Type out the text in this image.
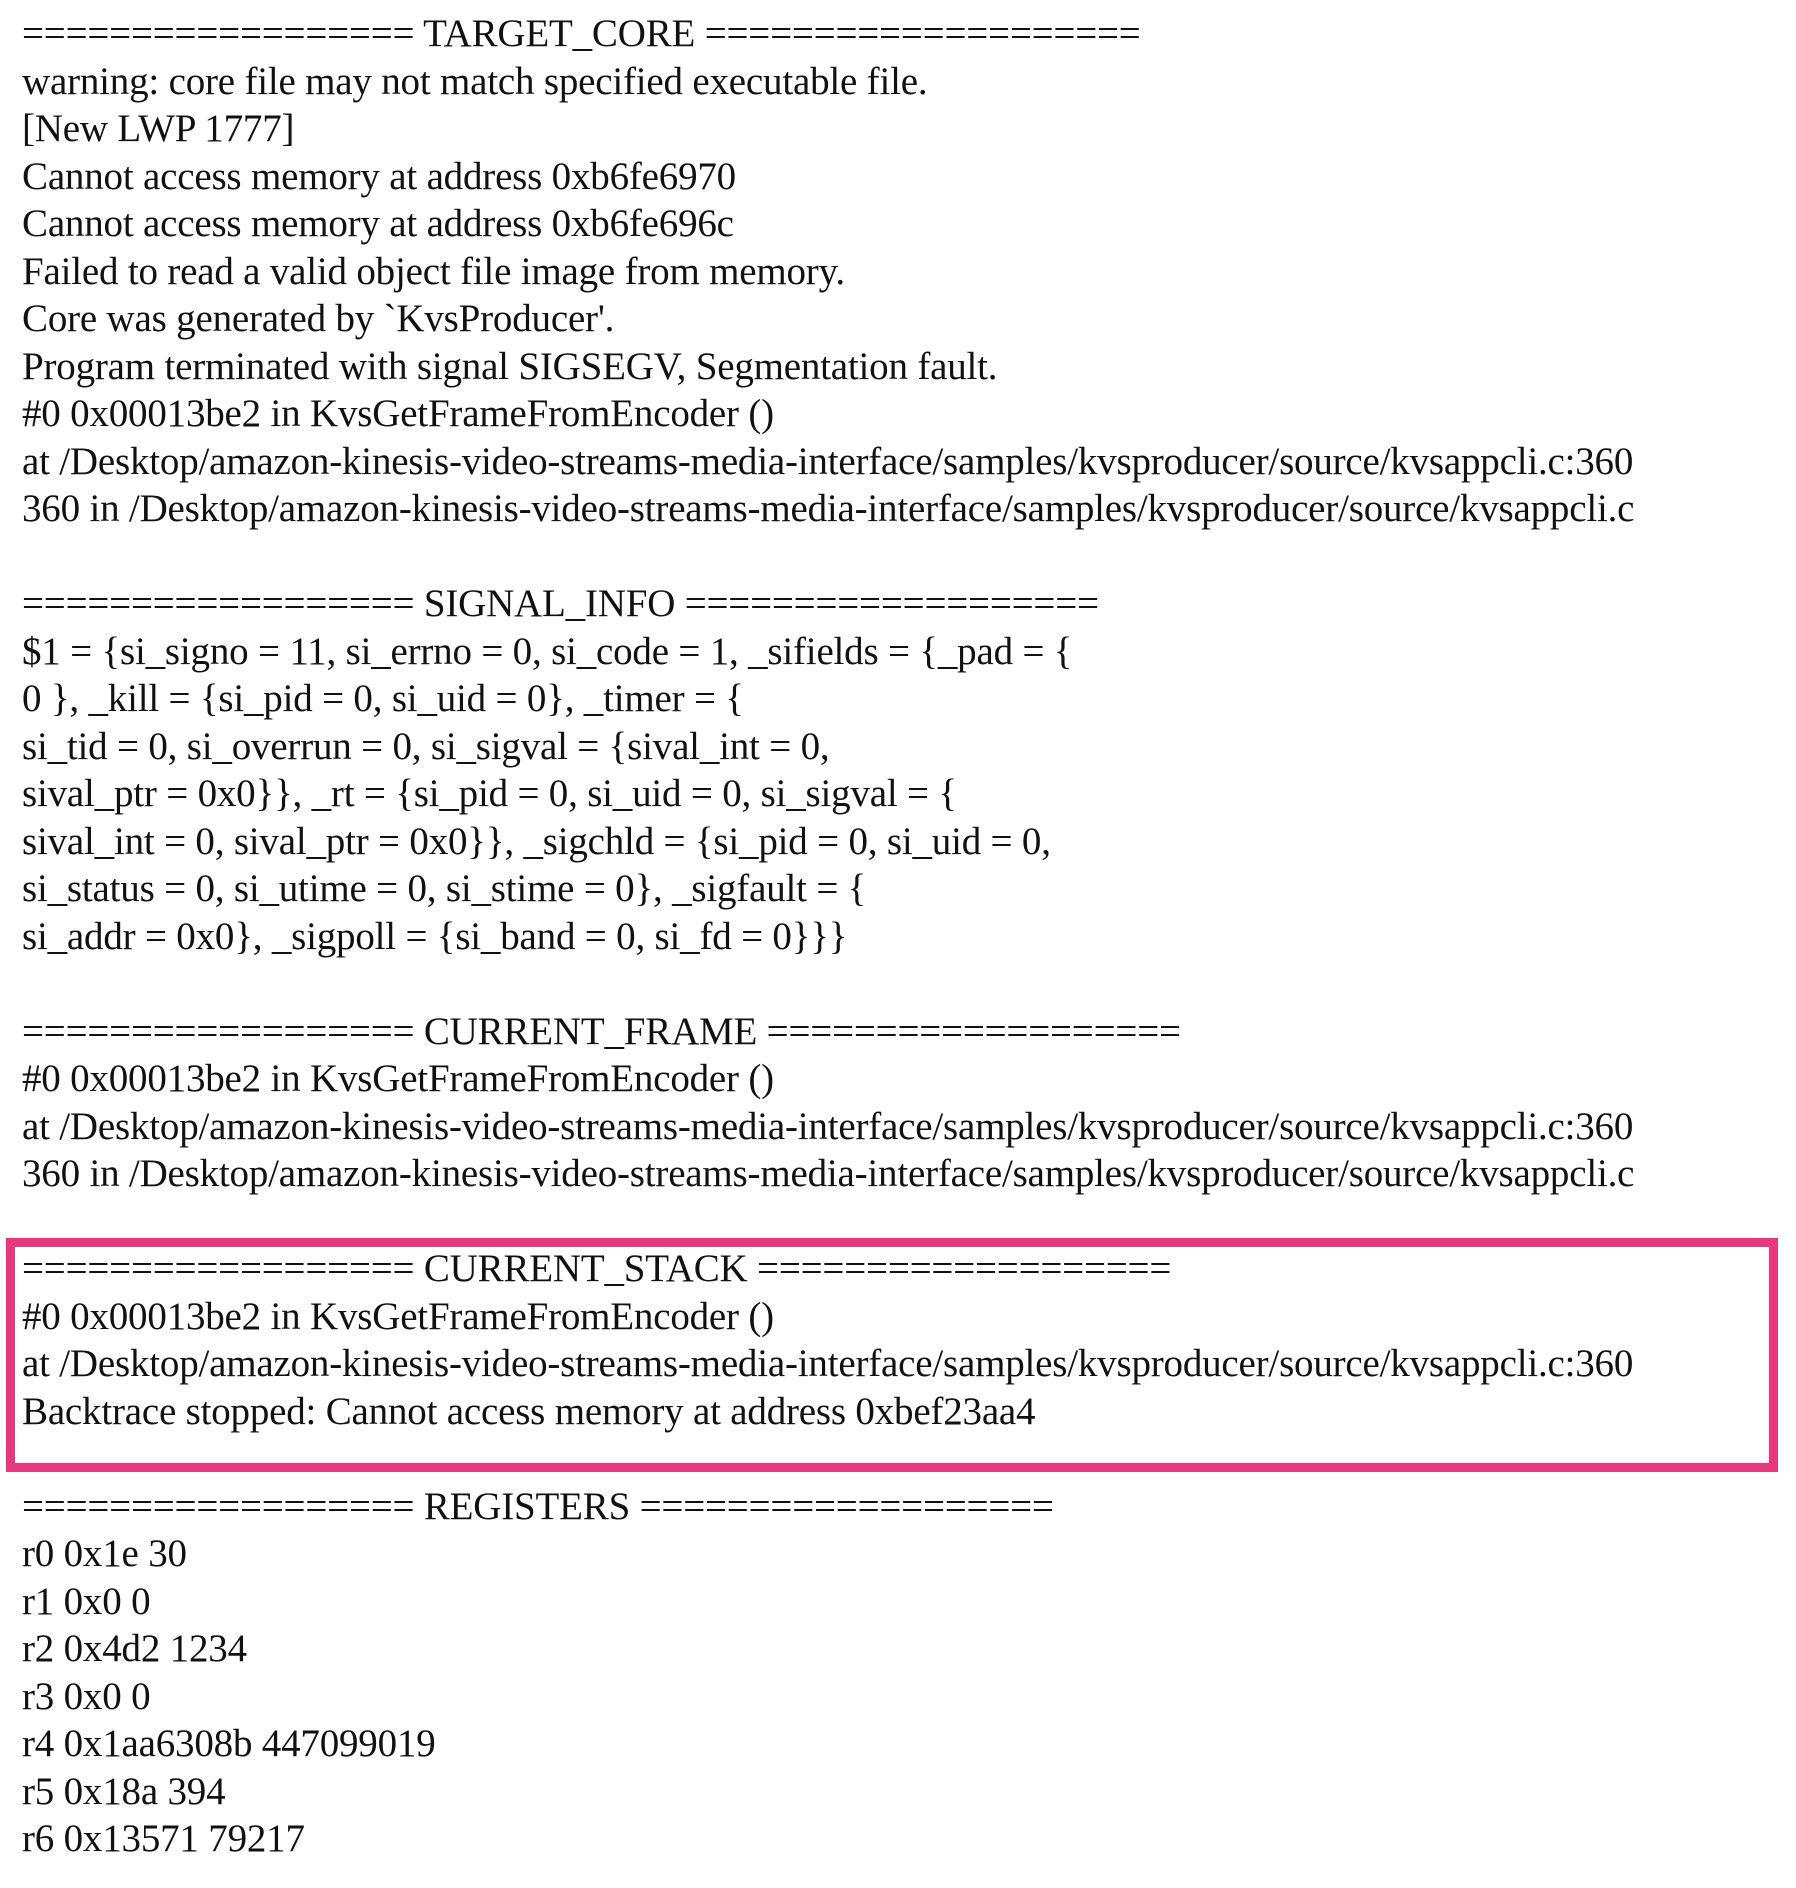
================== TARGET_CORE ====================
warning: core file may not match specified executable file.
[New LWP 1777]
Cannot access memory at address 0xb6fe6970
Cannot access memory at address 0xb6fe696c
Failed to read a valid object file image from memory.
Core was generated by `KvsProducer'.
Program terminated with signal SIGSEGV, Segmentation fault.
#0 0x00013be2 in KvsGetFrameFromEncoder ()
at /Desktop/amazon-kinesis-video-streams-media-interface/samples/kvsproducer/source/kvsappcli.c:360
360 in /Desktop/amazon-kinesis-video-streams-media-interface/samples/kvsproducer/source/kvsappcli.c
================== SIGNAL_INFO ===================
$1 = {si_signo = 11, si_errno = 0, si_code = 1, _sifields = {_pad = {
0 }, _kill = {si_pid = 0, si_uid = 0}, _timer = {
si_tid = 0, si_overrun = 0, si_sigval = {sival_int = 0,
sival_ptr = 0x0}}, _rt = {si_pid = 0, si_uid = 0, si_sigval = {
sival_int = 0, sival_ptr = 0x0}}, _sigchld = {si_pid = 0, si_uid = 0,
si_status = 0, si_utime = 0, si_stime = 0}, _sigfault = {
si_addr = 0x0}, _sigpoll = {si_band = 0, si_fd = 0}}}
================== CURRENT_FRAME ===================
#0 0x00013be2 in KvsGetFrameFromEncoder ()
at /Desktop/amazon-kinesis-video-streams-media-interface/samples/kvsproducer/source/kvsappcli.c:360
360 in /Desktop/amazon-kinesis-video-streams-media-interface/samples/kvsproducer/source/kvsappcli.c
================== CURRENT_STACK ===================
#0 0x00013be2 in KvsGetFrameFromEncoder ()
at /Desktop/amazon-kinesis-video-streams-media-interface/samples/kvsproducer/source/kvsappcli.c:360
Backtrace stopped: Cannot access memory at address 0xbef23aa4
================== REGISTERS ===================
r0 0x1e 30
r1 0x0 0
r2 0x4d2 1234
r3 0x0 0
r4 0x1aa6308b 447099019
r5 0x18a 394
r6 0x13571 79217
